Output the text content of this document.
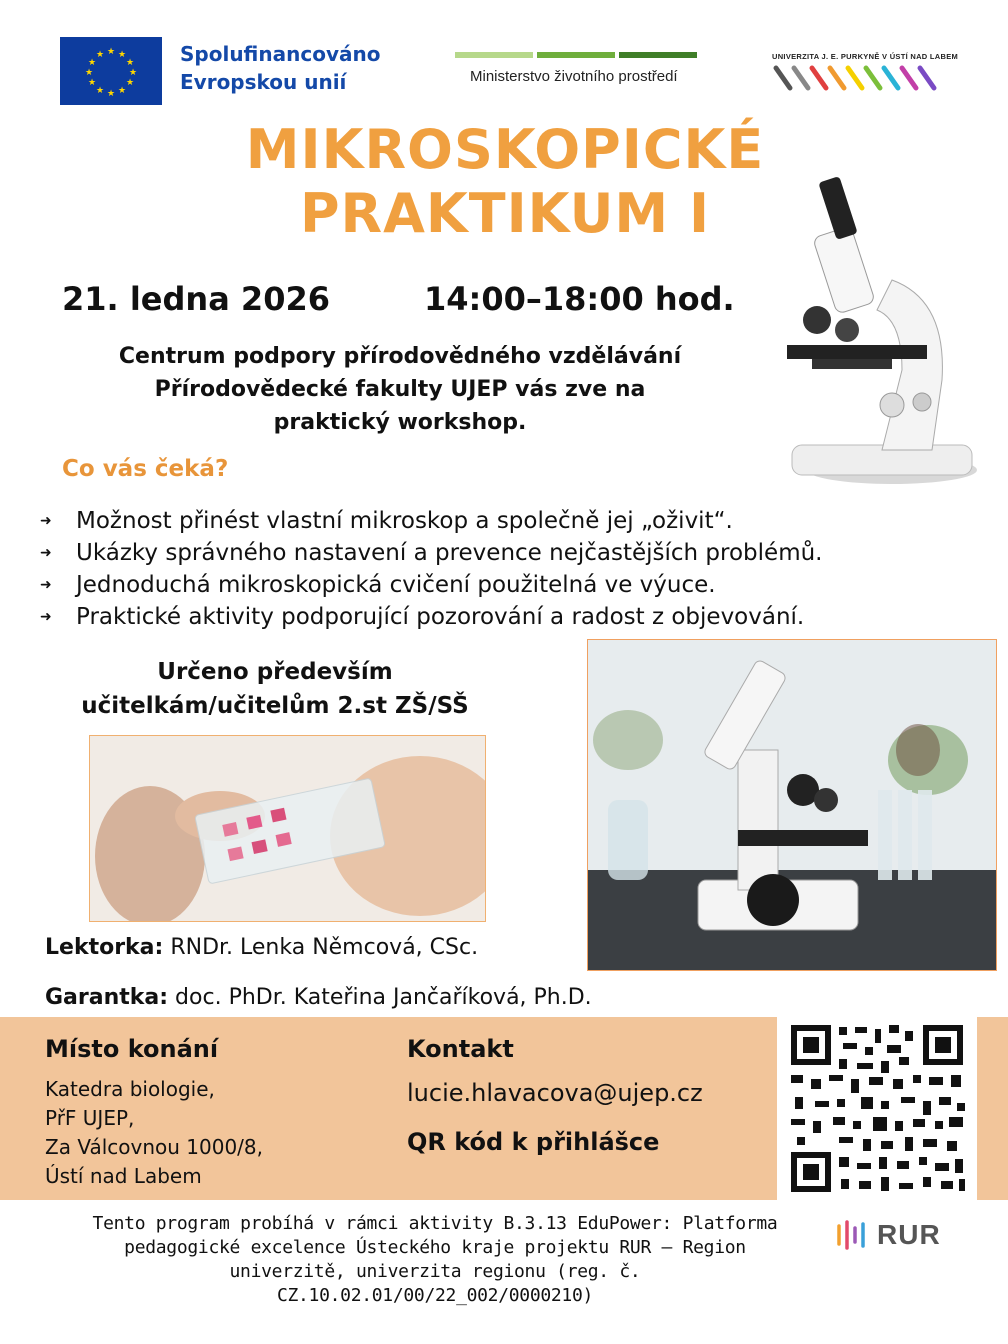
★ ★
★
★
★
★
★
★
★
★
★
★	Spolufinancováno
Evropskou unií	Ministerstvo životního prostředí
UNIVERZITA J. E. PURKYNĚ V ÚSTÍ NAD LABEM
MIKROSKOPICKÉ
PRAKTIKUM I
21. ledna 2026	14:00–18:00 hod.
Centrum podpory přírodovědného vzdělávání
Přírodovědecké fakulty UJEP vás zve na
praktický workshop.
Co vás čeká?
➜	Možnost přinést vlastní mikroskop a společně jej „oživit“.
➜	Ukázky správného nastavení a prevence nejčastějších problémů.
➜	Jednoduchá mikroskopická cvičení použitelná ve výuce.
➜	Praktické aktivity podporující pozorování a radost z objevování.
Určeno především
učitelkám/učitelům 2.st ZŠ/SŠ
Lektorka: RNDr. Lenka Němcová, CSc.
Garantka: doc. PhDr. Kateřina Jančaříková, Ph.D.
Místo konání
Katedra biologie,
PřF UJEP,
Za Válcovnou 1000/8,
Ústí nad Labem
Kontakt
lucie.hlavacova@ujep.cz
QR kód k přihlášce
Tento program probíhá v rámci aktivity B.3.13 EduPower: Platforma
pedagogické excelence Ústeckého kraje projektu RUR – Region
univerzitě, univerzita regionu (reg. č.
CZ.10.02.01/00/22_002/0000210)
RUR
